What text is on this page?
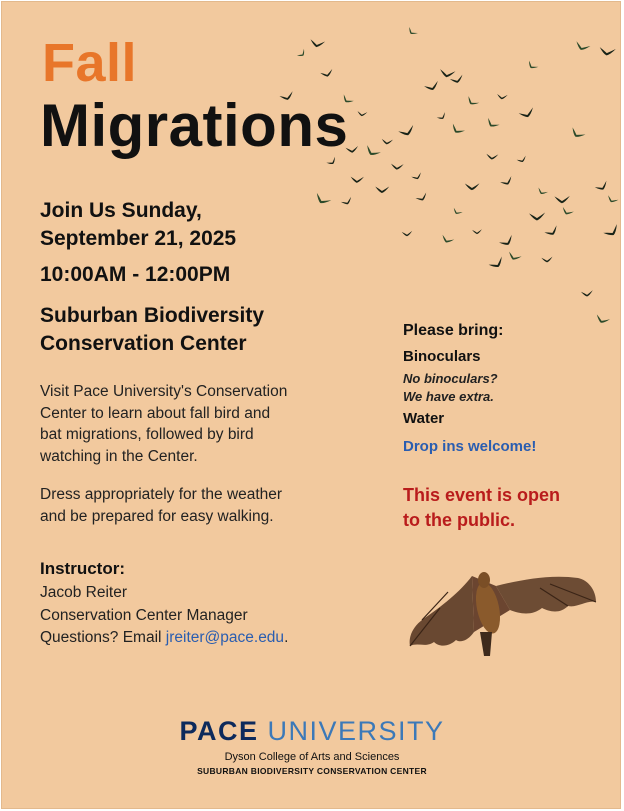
Fall
Migrations
Join Us Sunday,
September 21, 2025
10:00AM - 12:00PM
Suburban Biodiversity
Conservation Center
Visit Pace University's Conservation
Center to learn about fall bird and
bat migrations, followed by bird
watching in the Center.
Dress appropriately for the weather
and be prepared for easy walking.
Instructor:
Jacob Reiter
Conservation Center Manager
Questions? Email jreiter@pace.edu.
Please bring:
Binoculars
No binoculars?
We have extra.
Water
Drop ins welcome!
This event is open
to the public.
PACE UNIVERSITY
Dyson College of Arts and Sciences
SUBURBAN BIODIVERSITY CONSERVATION CENTER
